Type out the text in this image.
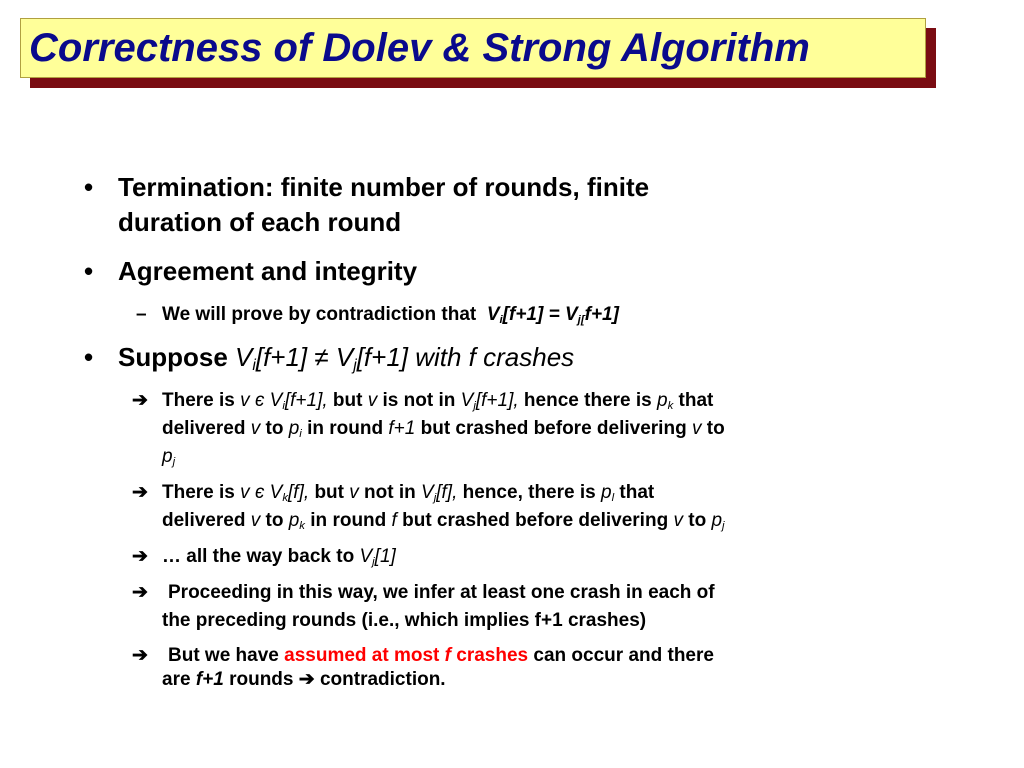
Correctness of Dolev & Strong Algorithm
• Termination: finite number of rounds, finite
duration of each round
• Agreement and integrity
– We will prove by contradiction that $V_i[f+1] = V_{j[}f+1$]
• Suppose $V_i[f+1] \ne V_j[f+1]$ with f crashes
➔ There is v є $V_i[f+1]$, but v is not in $V_j[f+1]$, hence there is $p_k$ that
delivered v to $p_i$ in round f+1 but crashed before delivering v to
$p_j$
➔ There is v є $V_k[f]$, but v not in $V_j[f]$, hence, there is $p_l$ that
delivered v to $p_k$ in round f but crashed before delivering v to $p_j$
➔ … all the way back to $V_j[1]$
➔	Proceeding in this way, we infer at least one crash in each of
the preceding rounds (i.e., which implies f+1 crashes)
➔	But we have assumed at most f crashes can occur and there
are f+1 rounds ➔ contradiction.
